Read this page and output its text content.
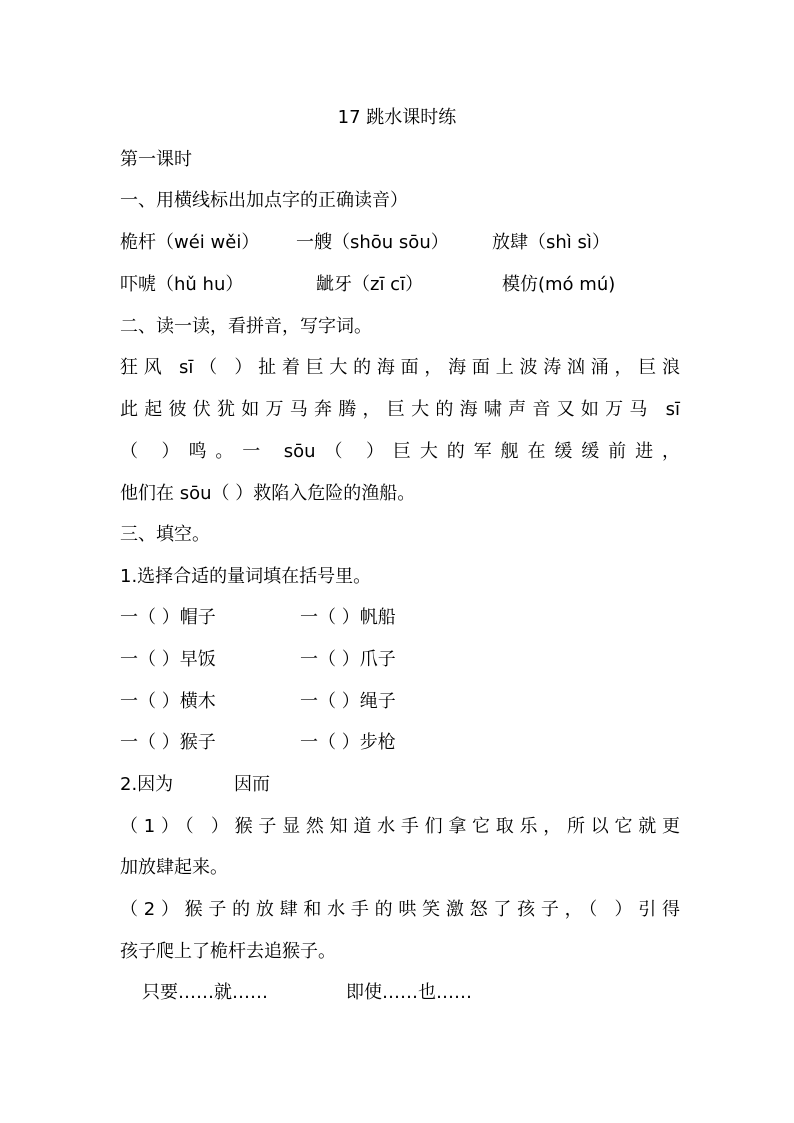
17 跳水课时练
第一课时
一、用横线标出加点字的正确读音）
桅杆（wéi wěi） 一艘（shōu sōu） 放肆（shì sì）
吓唬（hǔ hu）	龇牙（zī cī）	模仿(mó mú)
二、读一读，看拼音，写字词。
狂风 sī（ ）扯着巨大的海面，海面上波涛汹涌，巨浪
此起彼伏犹如万马奔腾，巨大的海啸声音又如万马 sī
（ ）鸣。一 sōu（ ）巨大的军舰在缓缓前进，
他们在 sōu（ ）救陷入危险的渔船。
三、填空。
1.选择合适的量词填在括号里。
一（ ）帽子	一（ ）帆船
一（ ）早饭	一（ ）爪子
一（ ）横木	一（ ）绳子
一（ ）猴子	一（ ）步枪
2.因为	因而
（1）（ ）猴子显然知道水手们拿它取乐，所以它就更
加放肆起来。
（2）猴子的放肆和水手的哄笑激怒了孩子，（ ）引得
孩子爬上了桅杆去追猴子。
只要……就……	即使……也……
